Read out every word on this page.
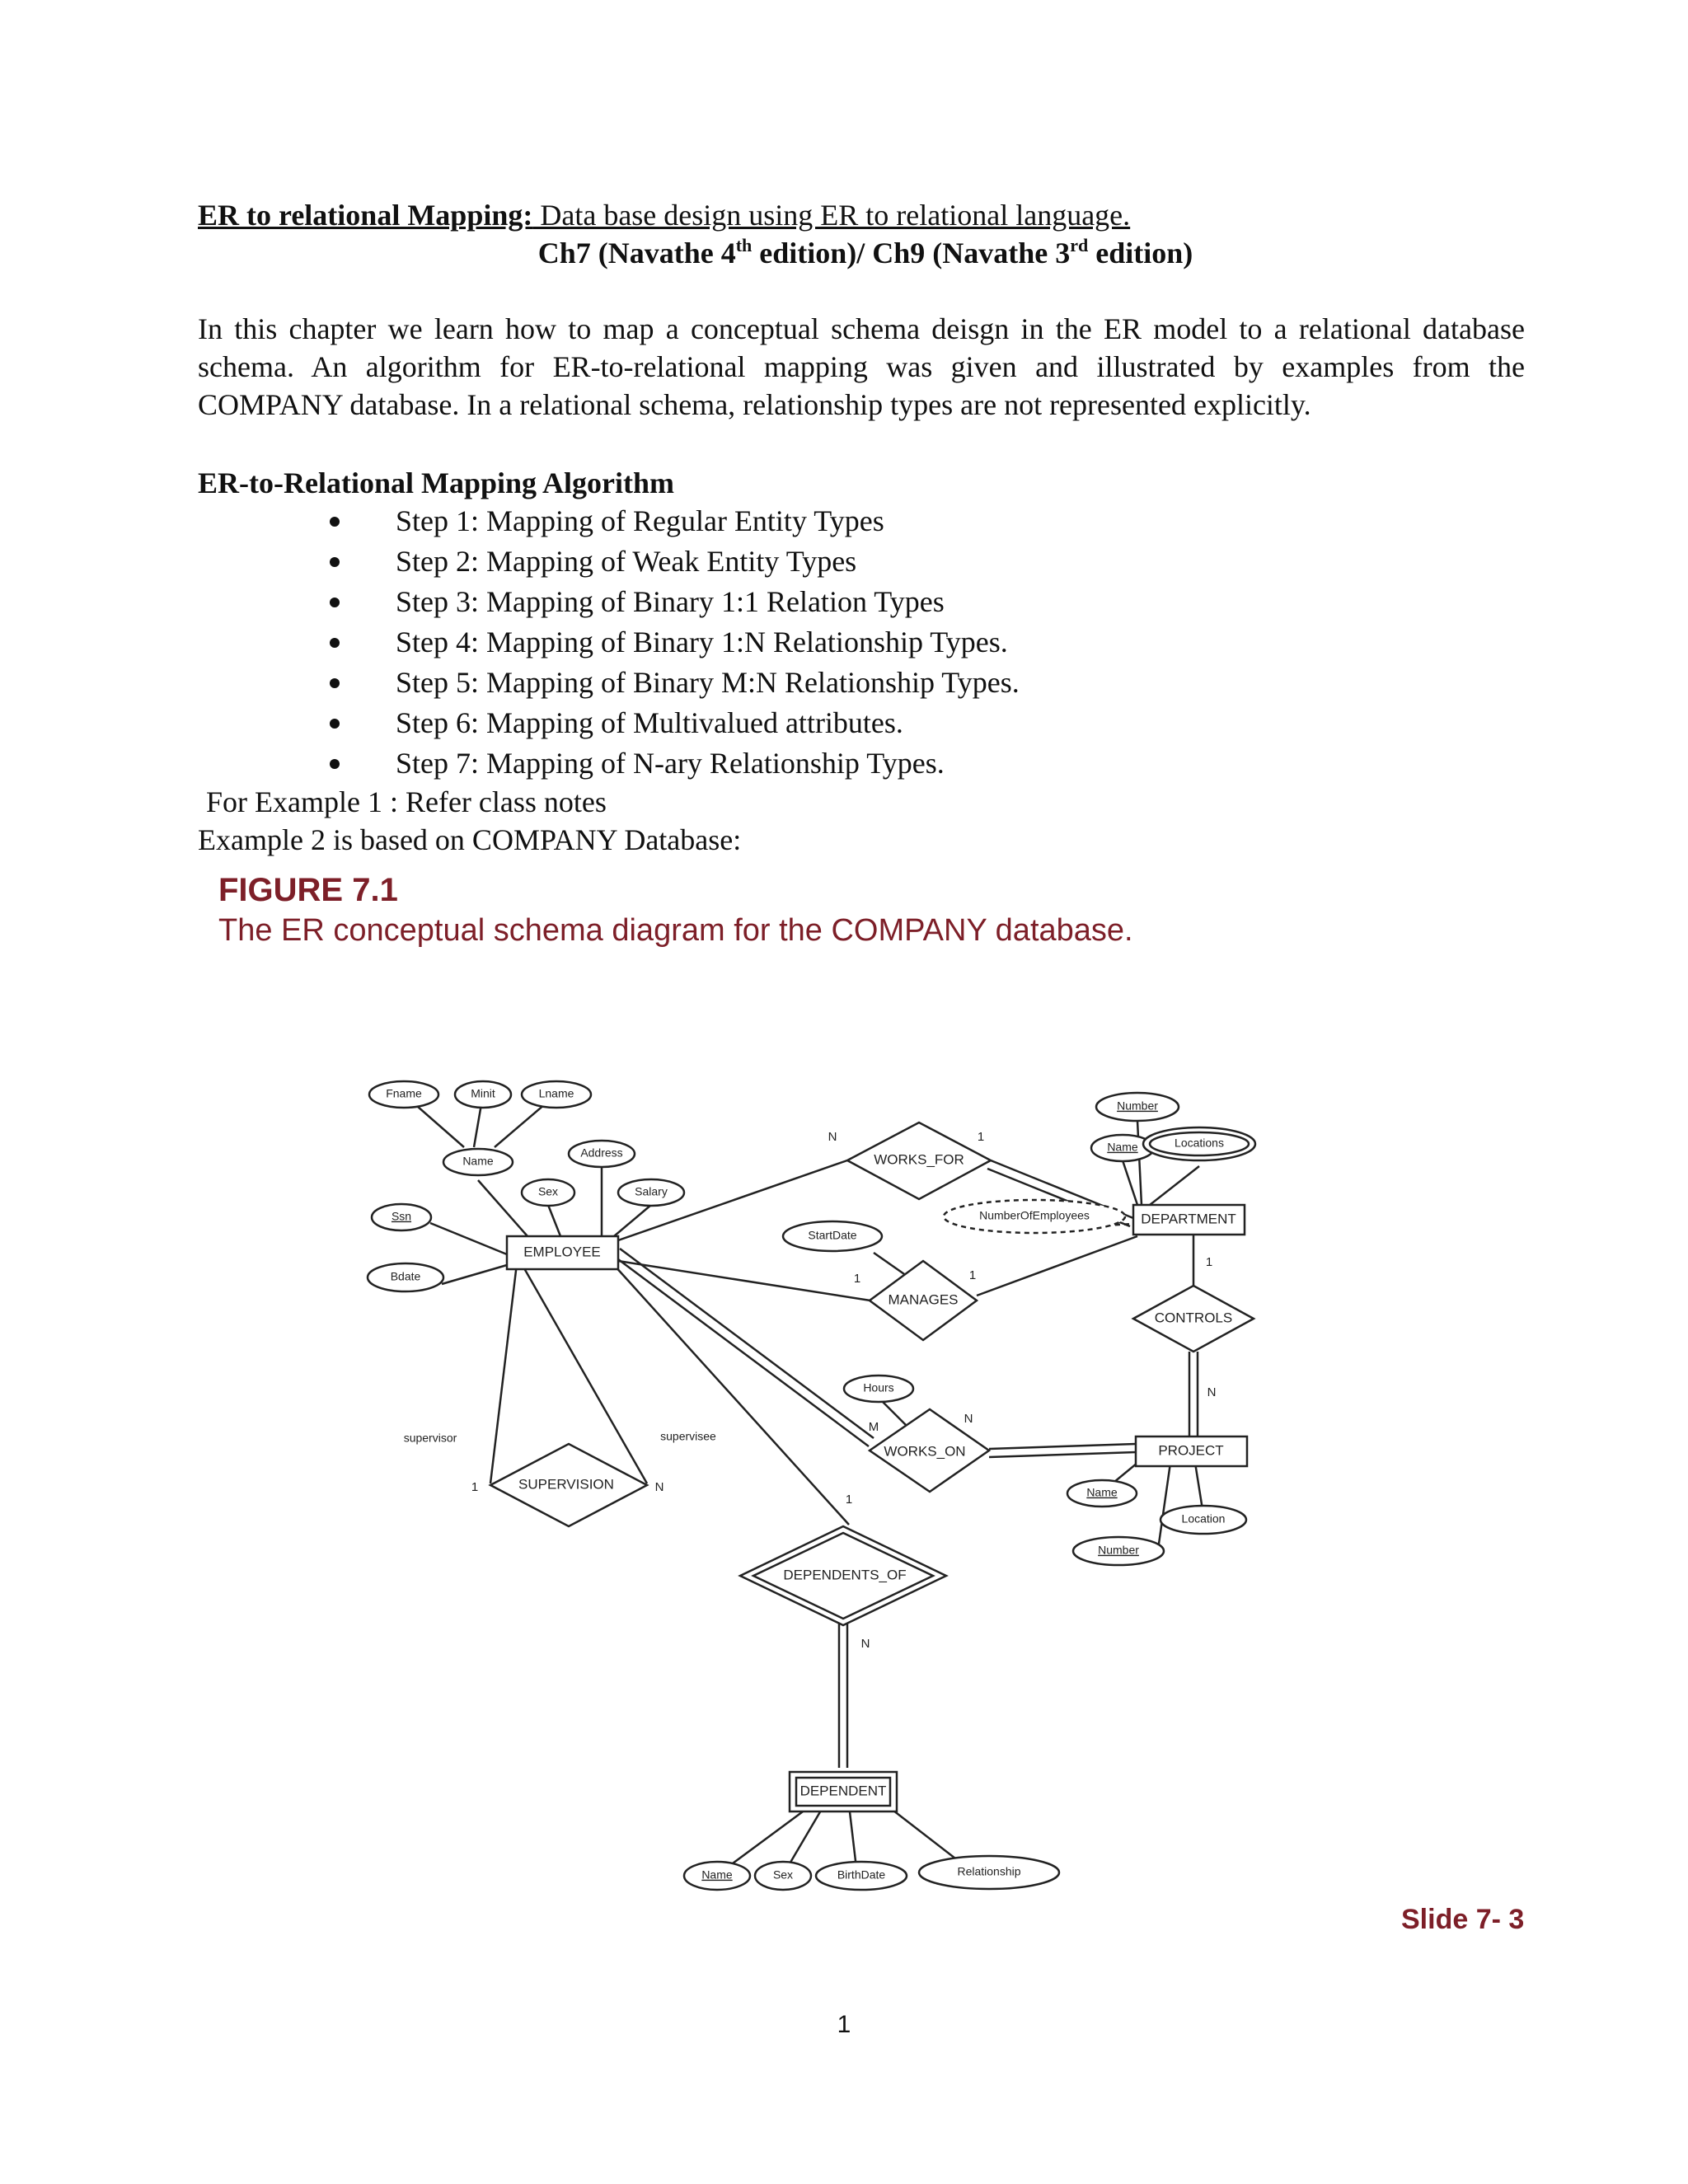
ER to relational Mapping: Data base design using ER to relational language.
Ch7 (Navathe 4th edition)/ Ch9 (Navathe 3rd edition)
In this chapter we learn how to map a conceptual schema deisgn in the ER model to a relational database schema. An algorithm for ER-to-relational mapping was given and illustrated by examples from the COMPANY database. In a relational schema, relationship types are not represented explicitly.
ER-to-Relational Mapping Algorithm
Step 1: Mapping of Regular Entity Types
Step 2: Mapping of Weak Entity Types
Step 3: Mapping of Binary 1:1 Relation Types
Step 4: Mapping of Binary 1:N Relationship Types.
Step 5: Mapping of Binary M:N Relationship Types.
Step 6: Mapping of Multivalued attributes.
Step 7: Mapping of N-ary Relationship Types.
For Example 1 : Refer class notes
Example 2 is based on COMPANY Database:
FIGURE 7.1
The ER conceptual schema diagram for the COMPANY database.
EMPLOYEE
DEPARTMENT
PROJECT
DEPENDENT
WORKS_FOR
MANAGES
CONTROLS
WORKS_ON
SUPERVISION
DEPENDENTS_OF
Fname	Minit	Lname
Name
Address
Sex	Salary
Ssn
Bdate
StartDate
NumberOfEmployees
Number
Name	Locations
Hours
Name
Location
Number
Name	Sex	BirthDate	Relationship
N	1
1	1
1
N
M
N
1	N
1
N
supervisor	supervisee
Slide 7- 3
1
